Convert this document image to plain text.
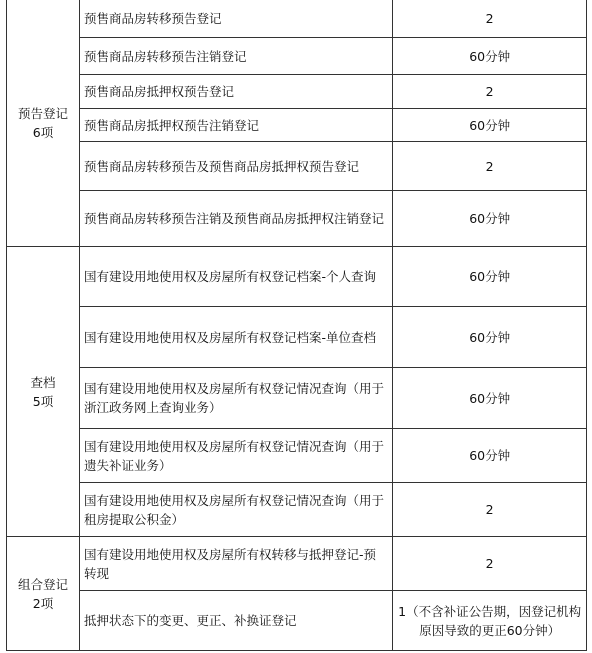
预告登记
6项	预售商品房转移预告登记	2
	预售商品房转移预告注销登记	60分钟
	预售商品房抵押权预告登记	2
	预售商品房抵押权预告注销登记	60分钟
	预售商品房转移预告及预售商品房抵押权预告登记	2
	预售商品房转移预告注销及预售商品房抵押权注销登记	60分钟

查档
5项	国有建设用地使用权及房屋所有权登记档案-个人查询	60分钟
	国有建设用地使用权及房屋所有权登记档案-单位查档	60分钟
	国有建设用地使用权及房屋所有权登记情况查询（用于浙江政务网上查询业务）	60分钟
	国有建设用地使用权及房屋所有权登记情况查询（用于遗失补证业务）	60分钟
	国有建设用地使用权及房屋所有权登记情况查询（用于租房提取公积金）	2

组合登记
2项	国有建设用地使用权及房屋所有权转移与抵押登记-预转现	2
	抵押状态下的变更、更正、补换证登记	1（不含补证公告期，因登记机构原因导致的更正60分钟）
